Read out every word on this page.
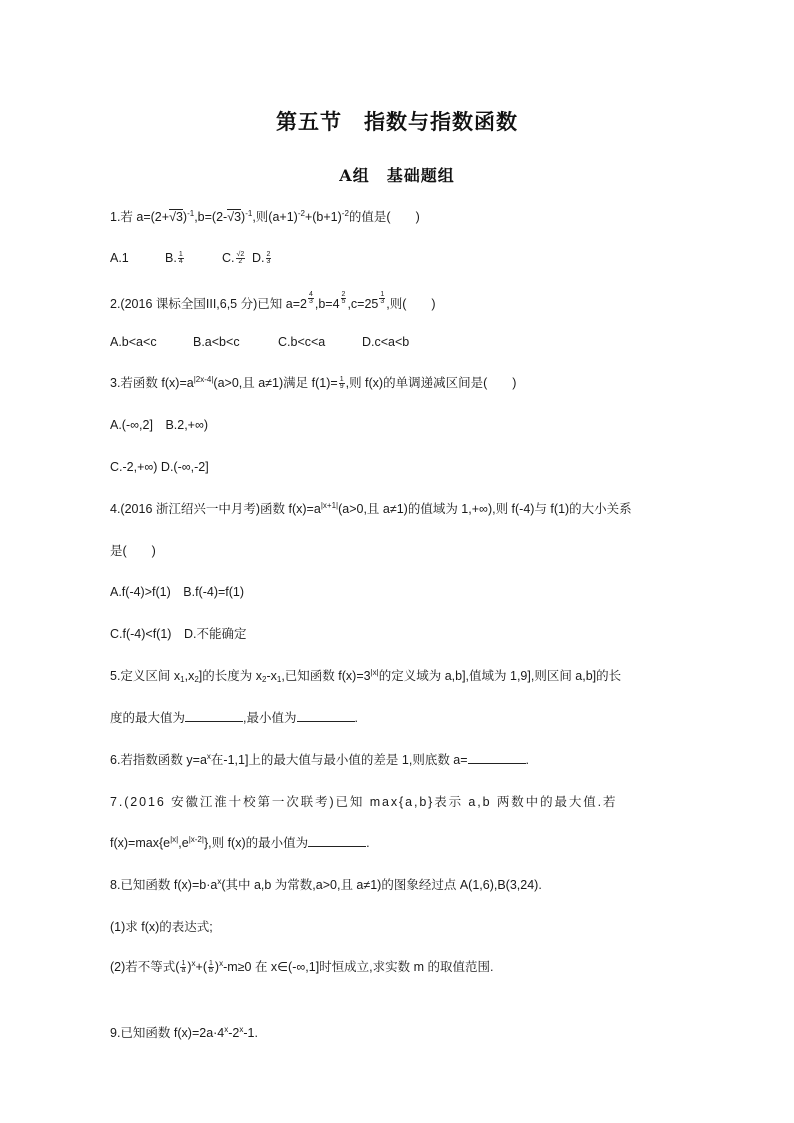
第五节　指数与指数函数
A组　基础题组

1.若 $a=(2+√3)^{-1},b=(2-√3)^{-1}$,则$(a+1)^{-2}+(b+1)^{-2}$的值是(　　)

A.1	B. $\frac{1}{4}$	C. $\frac{√2}{2} D$. $\frac{2}{3}$

2.(2016 课标全国III,6,5 分)已知 $a=2 \frac{4}{3} ,b=4 \frac{2}{5} ,c=25 \frac{1}{3}$ ,则(　　)

A.b<a<c	B.a<b<c	C.b<c<a	D.c<a<b

3.若函数 $f(x)=a^{|2x-4|}(a>0$,且 a≠1)满足 $f(1)= \frac{1}{9}$ ,则 f(x)的单调递减区间是(　　)

A.(-∞,2]　B.2,+∞)

C.-2,+∞) D.(-∞,-2]

4.(2016 浙江绍兴一中月考)函数 $f(x)=a^{|x+1|}(a>0$,且 a≠1)的值域为 1,+∞),则 f(-4)与 f(1)的大小关系

是(　　)

A.f(-4)>f(1)　B.f(-4)=f(1)

C.f(-4)<f(1)　D.不能确定

5.定义区间 $x_1,x_2$]的长度为 $x_2-x_1$,已知函数 $f(x)=3^{|x|}$的定义域为 a,b],值域为 1,9],则区间 a,b]的长

度的最大值为	,最小值为	.

6.若指数函数 $y=a^x$在-1,1]上的最大值与最小值的差是 1,则底数 a=	.

7.(2016 安徽江淮十校第一次联考)已知 max{a,b}表示 a,b 两数中的最大值.若

$f(x)=\max\{e^{|x|},e^{|x-2|}\}$,则 f(x)的最小值为	.

8.已知函数 $f(x)=b\cdot a^x$(其中 a,b 为常数,a>0,且 a≠1)的图象经过点 A(1,6),B(3,24).

(1)求 f(x)的表达式;

(2)若不等式( $\frac{1}{a} )^x+( \frac{1}{b} )^x-m\ge 0$ 在 x∈(-∞,1]时恒成立,求实数 m 的取值范围.

9.已知函数 $f(x)=2a\cdot 4^x-2^x-1$.
